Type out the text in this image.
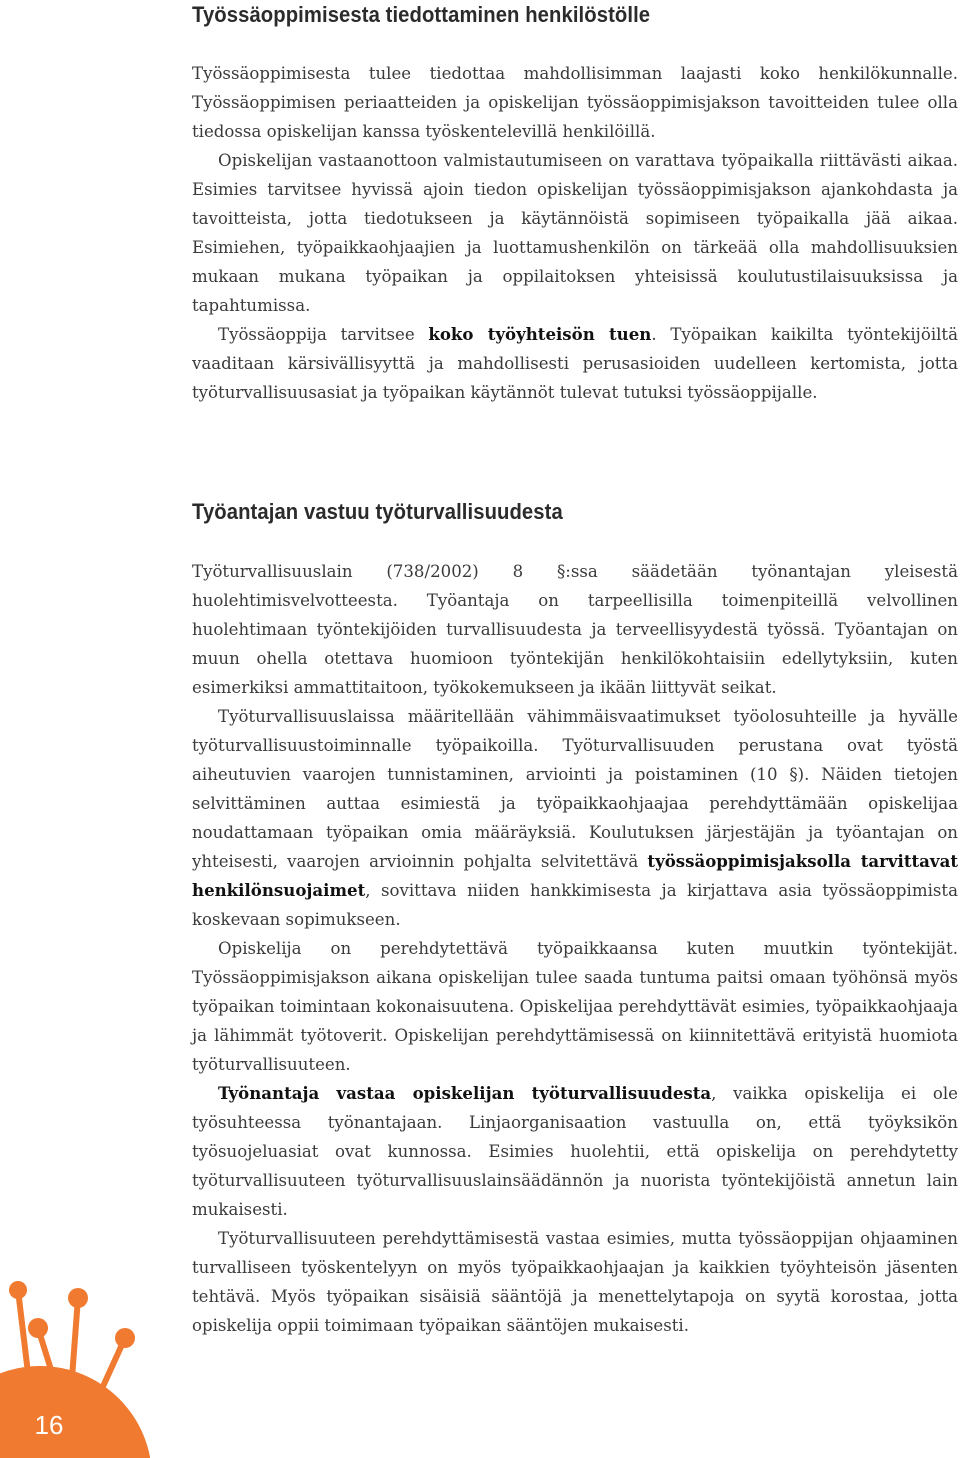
Työssäoppimisesta tiedottaminen henkilöstölle

Työssäoppimisesta tulee tiedottaa mahdollisimman laajasti koko henkilökunnalle. Työssäoppimisen periaatteiden ja opiskelijan työssäoppimisjakson tavoitteiden tulee olla tiedossa opiskelijan kanssa työskentelevillä henkilöillä.

Opiskelijan vastaanottoon valmistautumiseen on varattava työpaikalla riittävästi aikaa. Esimies tarvitsee hyvissä ajoin tiedon opiskelijan työssäoppimisjakson ajankohdasta ja tavoitteista, jotta tiedotukseen ja käytännöistä sopimiseen työpaikalla jää aikaa. Esimiehen, työpaikkaohjaajien ja luottamushenkilön on tärkeää olla mahdollisuuksien mukaan mukana työpaikan ja oppilaitoksen yhteisissä koulutustilaisuuksissa ja tapahtumissa.

Työssäoppija tarvitsee koko työyhteisön tuen. Työpaikan kaikilta työntekijöiltä vaaditaan kärsivällisyyttä ja mahdollisesti perusasioiden uudelleen kertomista, jotta työturvallisuusasiat ja työpaikan käytännöt tulevat tutuksi työssäoppijalle.

Työantajan vastuu työturvallisuudesta

Työturvallisuuslain (738/2002) 8 §:ssa säädetään työnantajan yleisestä huolehtimisvelvotteesta. Työantaja on tarpeellisilla toimenpiteillä velvollinen huolehtimaan työntekijöiden turvallisuudesta ja terveellisyydestä työssä. Työantajan on muun ohella otettava huomioon työntekijän henkilökohtaisiin edellytyksiin, kuten esimerkiksi ammattitaitoon, työkokemukseen ja ikään liittyvät seikat.

Työturvallisuuslaissa määritellään vähimmäisvaatimukset työolosuhteille ja hyvälle työturvallisuustoiminnalle työpaikoilla. Työturvallisuuden perustana ovat työstä aiheutuvien vaarojen tunnistaminen, arviointi ja poistaminen (10 §). Näiden tietojen selvittäminen auttaa esimiestä ja työpaikkaohjaajaa perehdyttämään opiskelijaa noudattamaan työpaikan omia määräyksiä. Koulutuksen järjestäjän ja työantajan on yhteisesti, vaarojen arvioinnin pohjalta selvitettävä työssäoppimisjaksolla tarvittavat henkilönsuojaimet, sovittava niiden hankkimisesta ja kirjattava asia työssäoppimista koskevaan sopimukseen.

Opiskelija on perehdytettävä työpaikkaansa kuten muutkin työntekijät. Työssäoppimisjakson aikana opiskelijan tulee saada tuntuma paitsi omaan työhönsä myös työpaikan toimintaan kokonaisuutena. Opiskelijaa perehdyttävät esimies, työpaikkaohjaaja ja lähimmät työtoverit. Opiskelijan perehdyttämisessä on kiinnitettävä erityistä huomiota työturvallisuuteen.

Työnantaja vastaa opiskelijan työturvallisuudesta, vaikka opiskelija ei ole työsuhteessa työnantajaan. Linjaorganisaation vastuulla on, että työyksikön työsuojeluasiat ovat kunnossa. Esimies huolehtii, että opiskelija on perehdytetty työturvallisuuteen työturvallisuuslainsäädännön ja nuorista työntekijöistä annetun lain mukaisesti.

Työturvallisuuteen perehdyttämisestä vastaa esimies, mutta työssäoppijan ohjaaminen turvalliseen työskentelyyn on myös työpaikkaohjaajan ja kaikkien työyhteisön jäsenten tehtävä. Myös työpaikan sisäisiä sääntöjä ja menettelytapoja on syytä korostaa, jotta opiskelija oppii toimimaan työpaikan sääntöjen mukaisesti.

16
